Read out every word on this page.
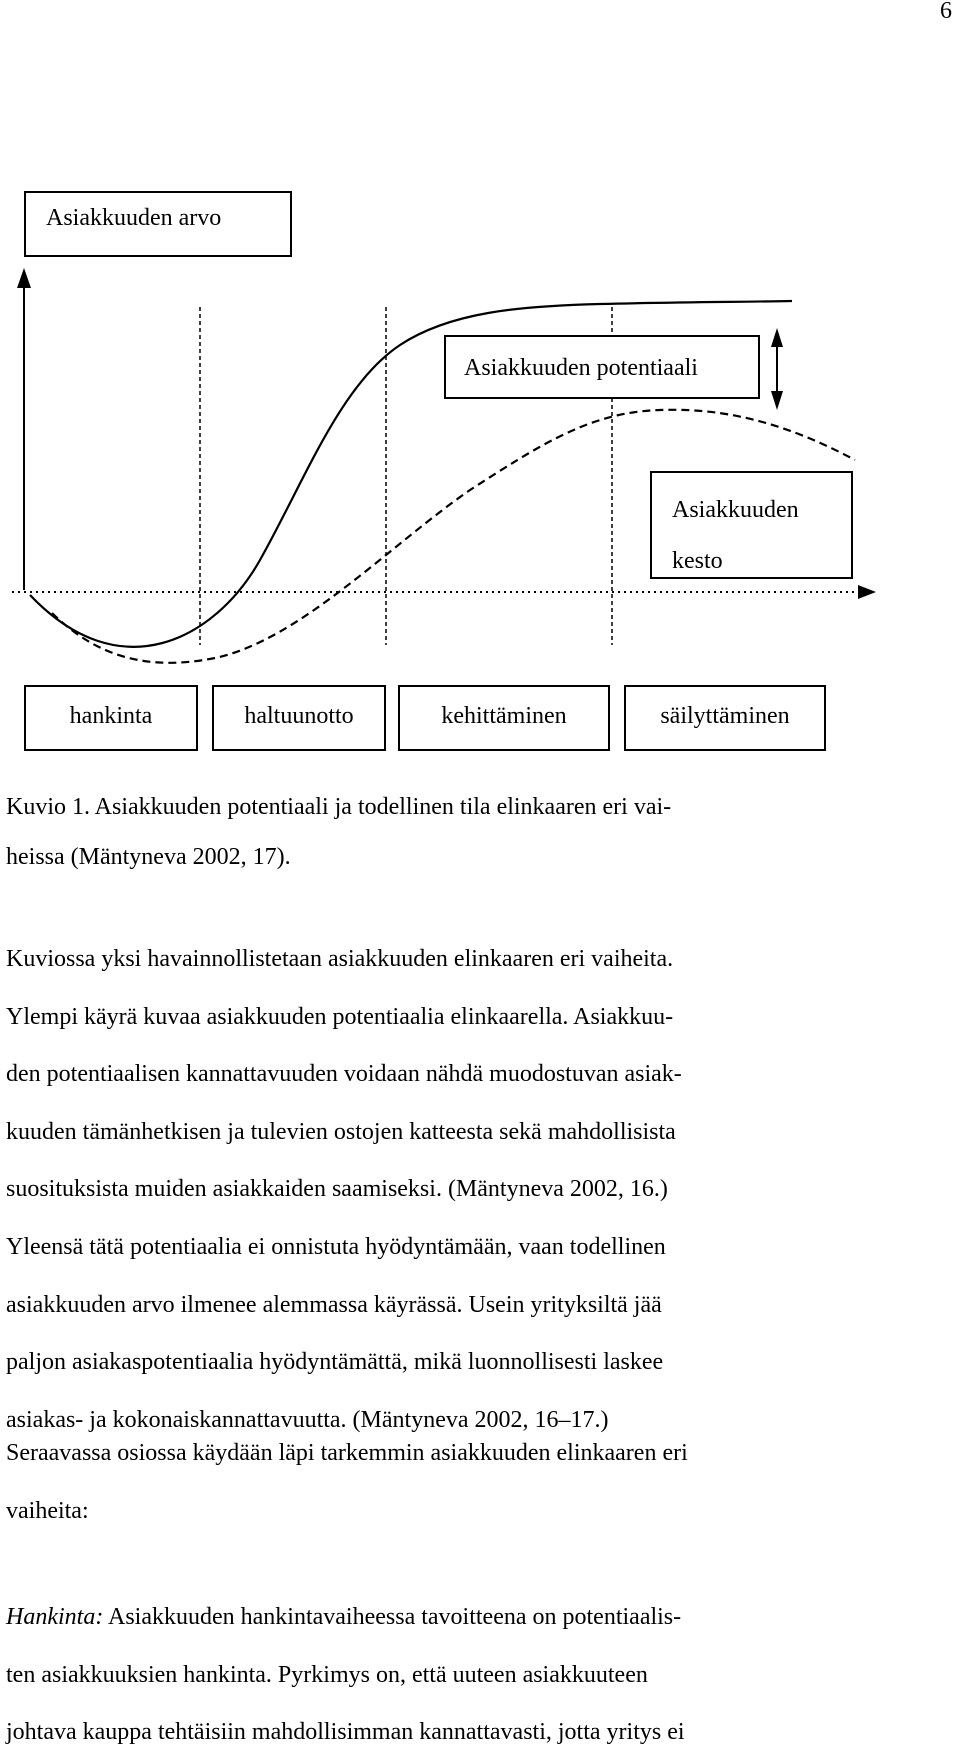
6
Asiakkuuden arvo
Asiakkuuden potentiaali
Asiakkuuden
kesto
hankinta	haltuunotto	kehittäminen	säilyttäminen
Kuvio 1. Asiakkuuden potentiaali ja todellinen tila elinkaaren eri vai-
heissa (Mäntyneva 2002, 17).
Kuviossa yksi havainnollistetaan asiakkuuden elinkaaren eri vaiheita.
Ylempi käyrä kuvaa asiakkuuden potentiaalia elinkaarella. Asiakkuu-
den potentiaalisen kannattavuuden voidaan nähdä muodostuvan asiak-
kuuden tämänhetkisen ja tulevien ostojen katteesta sekä mahdollisista
suosituksista muiden asiakkaiden saamiseksi. (Mäntyneva 2002, 16.)
Yleensä tätä potentiaalia ei onnistuta hyödyntämään, vaan todellinen
asiakkuuden arvo ilmenee alemmassa käyrässä. Usein yrityksiltä jää
paljon asiakaspotentiaalia hyödyntämättä, mikä luonnollisesti laskee
asiakas- ja kokonaiskannattavuutta. (Mäntyneva 2002, 16–17.)
Seraavassa osiossa käydään läpi tarkemmin asiakkuuden elinkaaren eri
vaiheita:
Hankinta: Asiakkuuden hankintavaiheessa tavoitteena on potentiaalis-
ten asiakkuuksien hankinta. Pyrkimys on, että uuteen asiakkuuteen
johtava kauppa tehtäisiin mahdollisimman kannattavasti, jotta yritys ei
